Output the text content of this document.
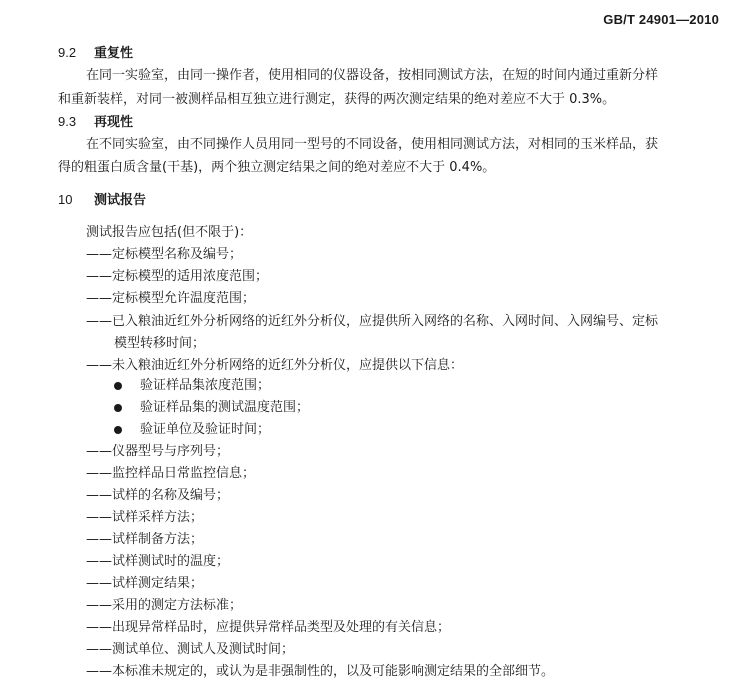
GB/T 24901—2010
9.2 重复性
在同一实验室，由同一操作者，使用相同的仪器设备，按相同测试方法，在短的时间内通过重新分样
和重新装样，对同一被测样品相互独立进行测定，获得的两次测定结果的绝对差应不大于 0.3%。
9.3 再现性
在不同实验室，由不同操作人员用同一型号的不同设备，使用相同测试方法，对相同的玉米样品，获
得的粗蛋白质含量(干基)，两个独立测定结果之间的绝对差应不大于 0.4%。
10 测试报告
测试报告应包括(但不限于)：
——定标模型名称及编号；
——定标模型的适用浓度范围；
——定标模型允许温度范围；
——已入粮油近红外分析网络的近红外分析仪，应提供所入网络的名称、入网时间、入网编号、定标
模型转移时间；
——未入粮油近红外分析网络的近红外分析仪，应提供以下信息：
验证样品集浓度范围；
验证样品集的测试温度范围；
验证单位及验证时间；
——仪器型号与序列号；
——监控样品日常监控信息；
——试样的名称及编号；
——试样采样方法；
——试样制备方法；
——试样测试时的温度；
——试样测定结果；
——采用的测定方法标准；
——出现异常样品时，应提供异常样品类型及处理的有关信息；
——测试单位、测试人及测试时间；
——本标准未规定的，或认为是非强制性的，以及可能影响测定结果的全部细节。
